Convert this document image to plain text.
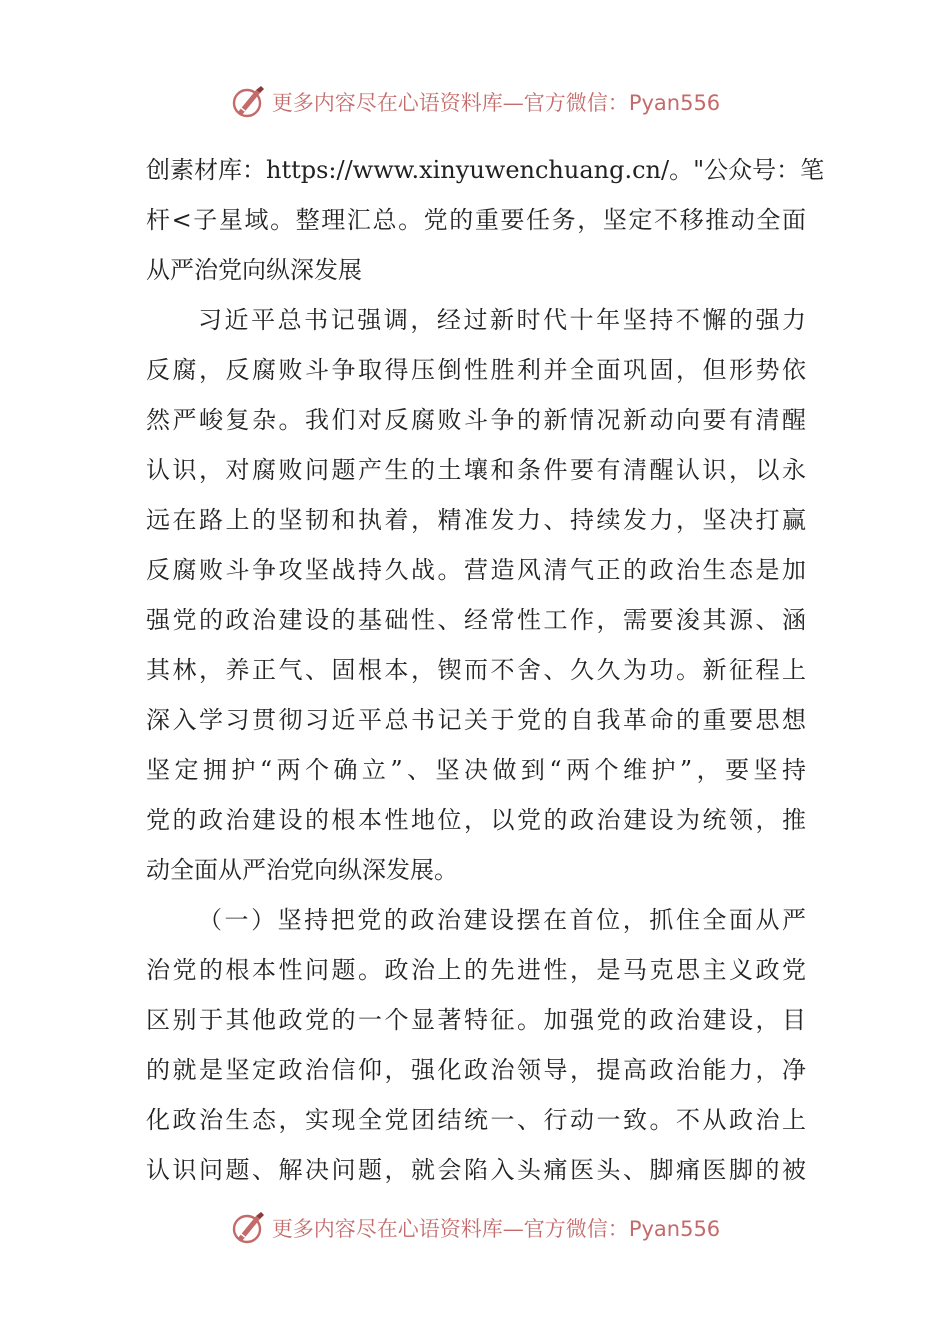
更多内容尽在心语资料库—官方微信：Pyan556
创素材库：https://www.xinyuwenchuang.cn/。"公众号：笔
杆<子星域。整理汇总。党的重要任务，坚定不移推动全面
从严治党向纵深发展
习近平总书记强调，经过新时代十年坚持不懈的强力
反腐，反腐败斗争取得压倒性胜利并全面巩固，但形势依
然严峻复杂。我们对反腐败斗争的新情况新动向要有清醒
认识，对腐败问题产生的土壤和条件要有清醒认识，以永
远在路上的坚韧和执着，精准发力、持续发力，坚决打赢
反腐败斗争攻坚战持久战。营造风清气正的政治生态是加
强党的政治建设的基础性、经常性工作，需要浚其源、涵
其林，养正气、固根本，锲而不舍、久久为功。新征程上
深入学习贯彻习近平总书记关于党的自我革命的重要思想
坚定拥护“两个确立”、坚决做到“两个维护”，要坚持
党的政治建设的根本性地位，以党的政治建设为统领，推
动全面从严治党向纵深发展。
（一）坚持把党的政治建设摆在首位，抓住全面从严
治党的根本性问题。政治上的先进性，是马克思主义政党
区别于其他政党的一个显著特征。加强党的政治建设，目
的就是坚定政治信仰，强化政治领导，提高政治能力，净
化政治生态，实现全党团结统一、行动一致。不从政治上
认识问题、解决问题，就会陷入头痛医头、脚痛医脚的被
更多内容尽在心语资料库—官方微信：Pyan556
